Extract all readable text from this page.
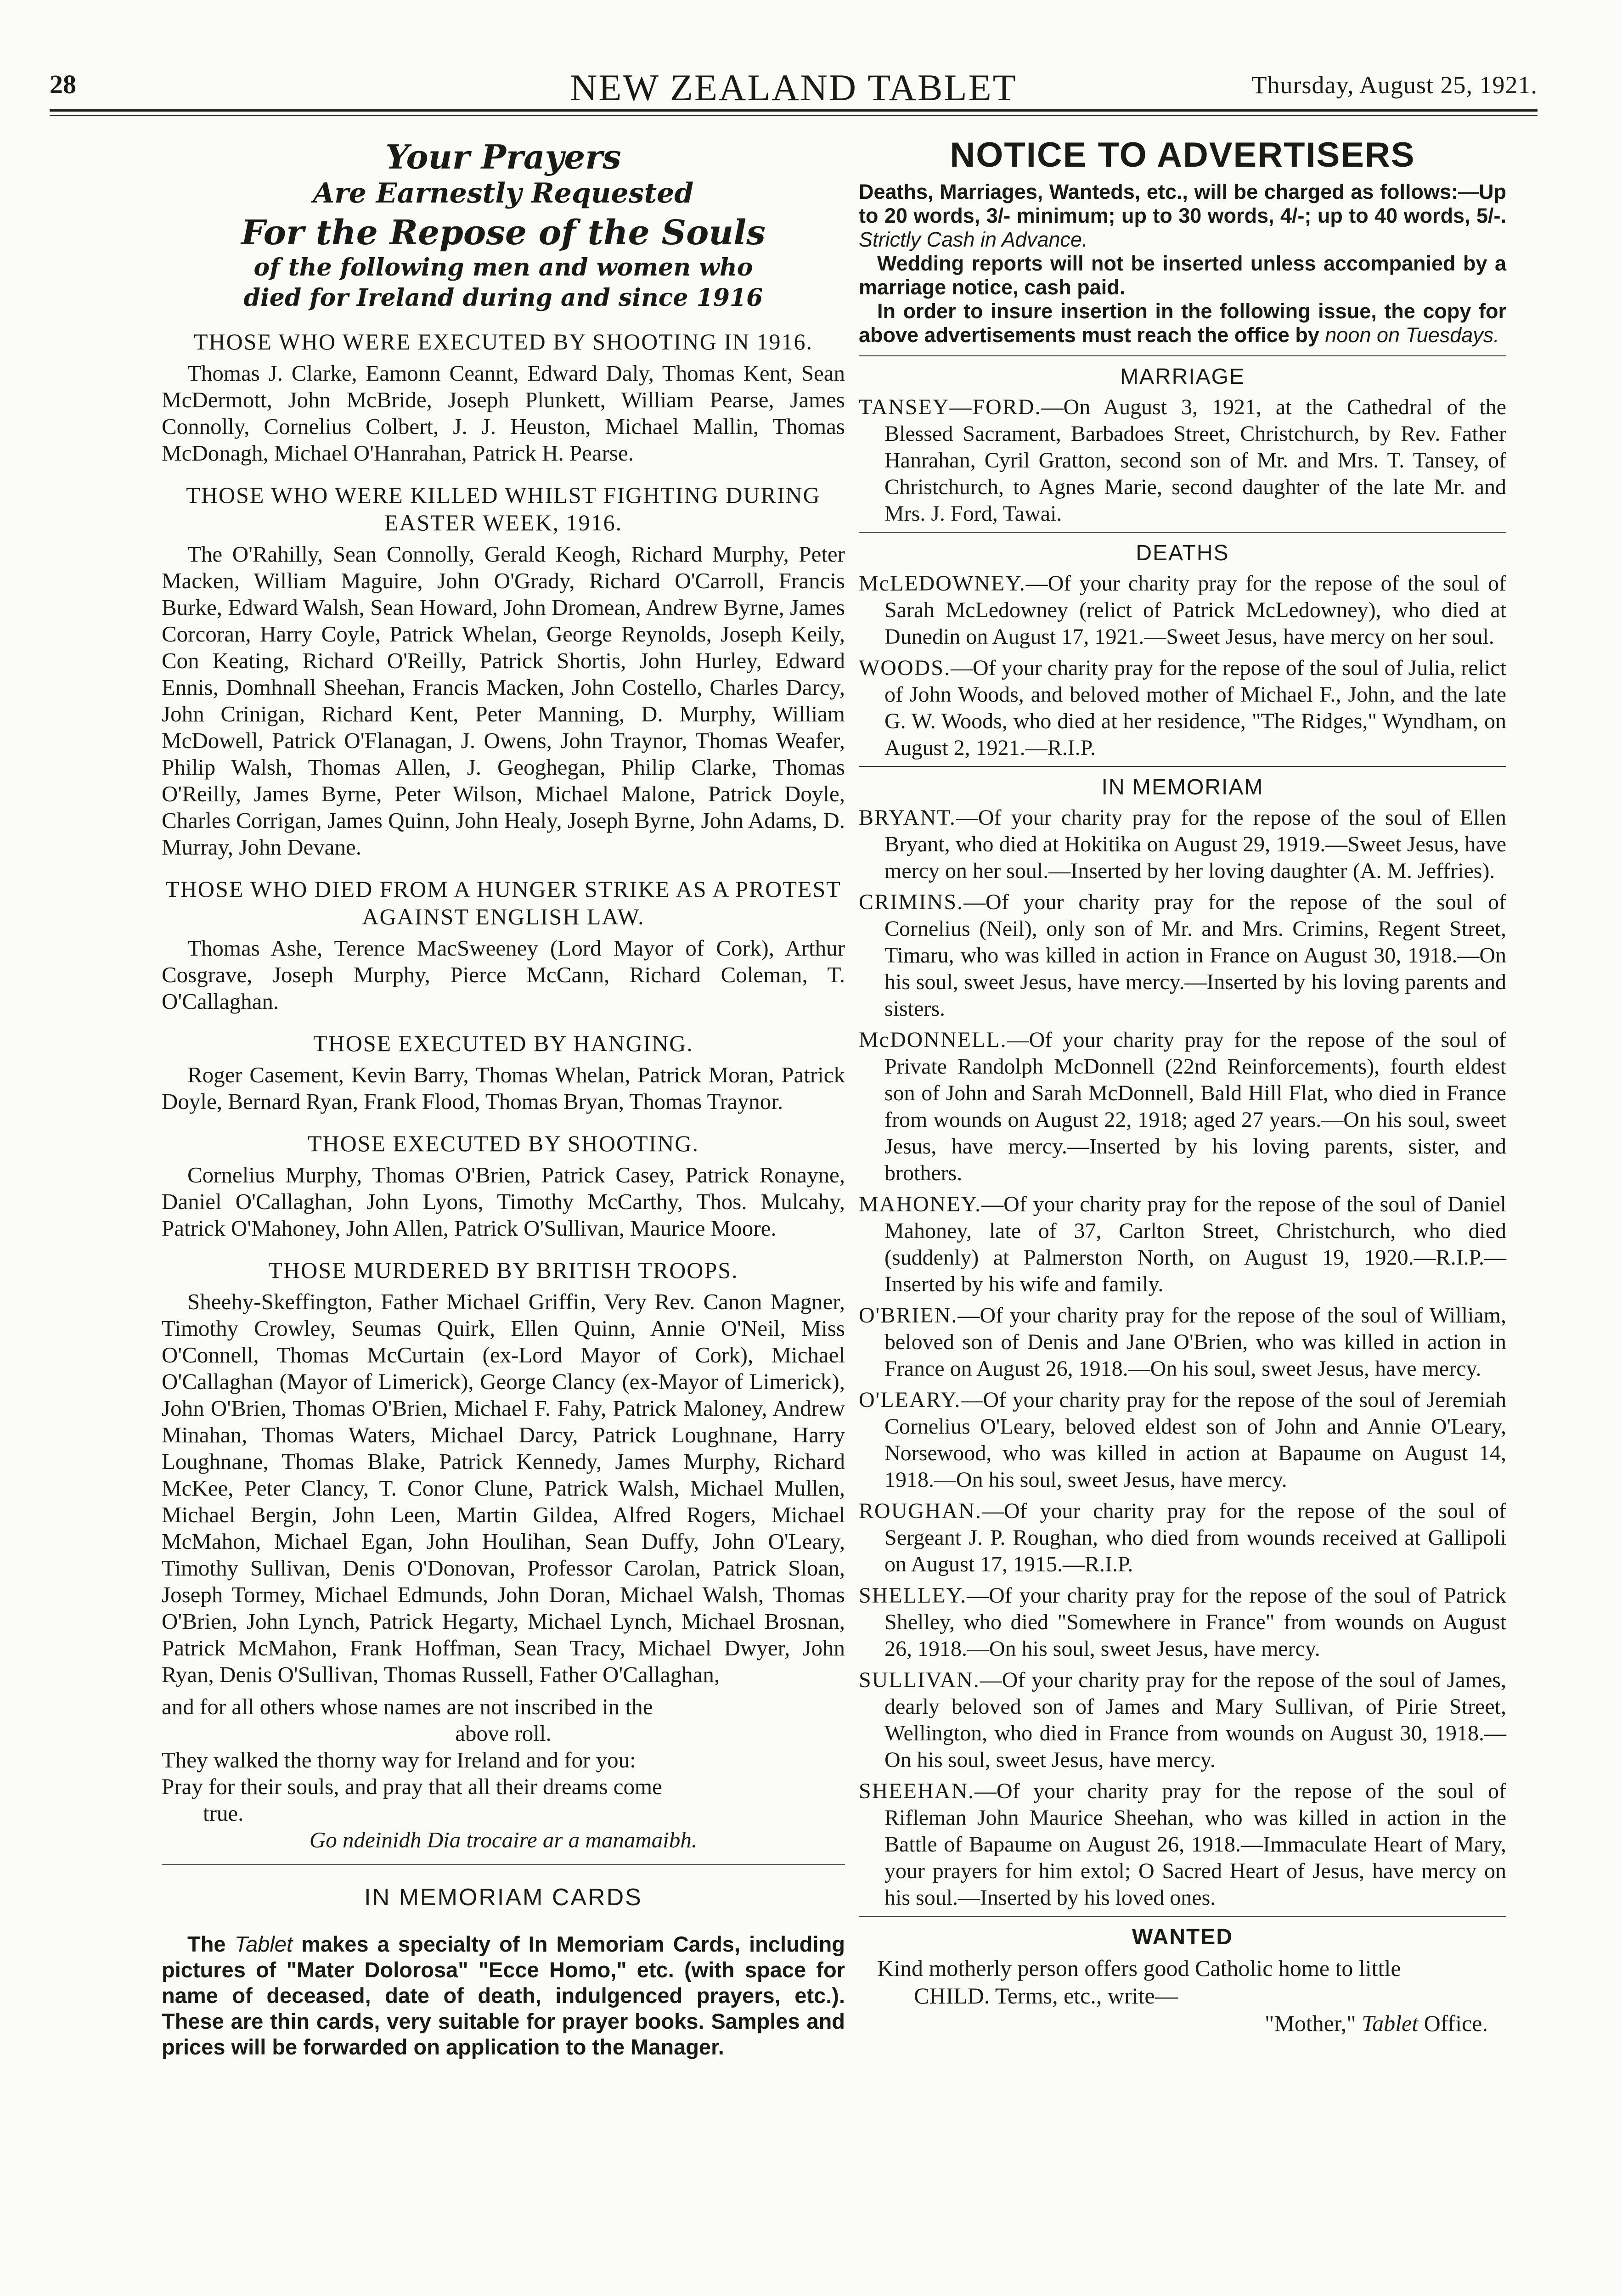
28	NEW ZEALAND TABLET	Thursday, August 25, 1921.

Your Prayers

Are Earnestly Requested

For the Repose of the Souls

of the following men and women who

died for Ireland during and since 1916

THOSE WHO WERE EXECUTED BY SHOOTING IN 1916.

Thomas J. Clarke, Eamonn Ceannt, Edward Daly, Thomas Kent, Sean McDermott, John McBride, Joseph Plunkett, William Pearse, James Connolly, Cornelius Colbert, J. J. Heuston, Michael Mallin, Thomas McDonagh, Michael O'Hanrahan, Patrick H. Pearse.

THOSE WHO WERE KILLED WHILST FIGHTING DURING EASTER WEEK, 1916.

The O'Rahilly, Sean Connolly, Gerald Keogh, Richard Murphy, Peter Macken, William Maguire, John O'Grady, Richard O'Carroll, Francis Burke, Edward Walsh, Sean Howard, John Dromean, Andrew Byrne, James Corcoran, Harry Coyle, Patrick Whelan, George Reynolds, Joseph Keily, Con Keating, Richard O'Reilly, Patrick Shortis, John Hurley, Edward Ennis, Domhnall Sheehan, Francis Macken, John Costello, Charles Darcy, John Crinigan, Richard Kent, Peter Manning, D. Murphy, William McDowell, Patrick O'Flanagan, J. Owens, John Traynor, Thomas Weafer, Philip Walsh, Thomas Allen, J. Geoghegan, Philip Clarke, Thomas O'Reilly, James Byrne, Peter Wilson, Michael Malone, Patrick Doyle, Charles Corrigan, James Quinn, John Healy, Joseph Byrne, John Adams, D. Murray, John Devane.

THOSE WHO DIED FROM A HUNGER STRIKE AS A PROTEST AGAINST ENGLISH LAW.

Thomas Ashe, Terence MacSweeney (Lord Mayor of Cork), Arthur Cosgrave, Joseph Murphy, Pierce McCann, Richard Coleman, T. O'Callaghan.

THOSE EXECUTED BY HANGING.

Roger Casement, Kevin Barry, Thomas Whelan, Patrick Moran, Patrick Doyle, Bernard Ryan, Frank Flood, Thomas Bryan, Thomas Traynor.

THOSE EXECUTED BY SHOOTING.

Cornelius Murphy, Thomas O'Brien, Patrick Casey, Patrick Ronayne, Daniel O'Callaghan, John Lyons, Timothy McCarthy, Thos. Mulcahy, Patrick O'Mahoney, John Allen, Patrick O'Sullivan, Maurice Moore.

THOSE MURDERED BY BRITISH TROOPS.

Sheehy-Skeffington, Father Michael Griffin, Very Rev. Canon Magner, Timothy Crowley, Seumas Quirk, Ellen Quinn, Annie O'Neil, Miss O'Connell, Thomas McCurtain (ex-Lord Mayor of Cork), Michael O'Callaghan (Mayor of Limerick), George Clancy (ex-Mayor of Limerick), John O'Brien, Thomas O'Brien, Michael F. Fahy, Patrick Maloney, Andrew Minahan, Thomas Waters, Michael Darcy, Patrick Loughnane, Harry Loughnane, Thomas Blake, Patrick Kennedy, James Murphy, Richard McKee, Peter Clancy, T. Conor Clune, Patrick Walsh, Michael Mullen, Michael Bergin, John Leen, Martin Gildea, Alfred Rogers, Michael McMahon, Michael Egan, John Houlihan, Sean Duffy, John O'Leary, Timothy Sullivan, Denis O'Donovan, Professor Carolan, Patrick Sloan, Joseph Tormey, Michael Edmunds, John Doran, Michael Walsh, Thomas O'Brien, John Lynch, Patrick Hegarty, Michael Lynch, Michael Brosnan, Patrick McMahon, Frank Hoffman, Sean Tracy, Michael Dwyer, John Ryan, Denis O'Sullivan, Thomas Russell, Father O'Callaghan,

and for all others whose names are not inscribed in the
above roll.
They walked the thorny way for Ireland and for you:
Pray for their souls, and pray that all their dreams come
true.
Go ndeinidh Dia trocaire ar a manamaibh.
IN MEMORIAM CARDS

The Tablet makes a specialty of In Memoriam Cards, including pictures of "Mater Dolorosa" "Ecce Homo," etc. (with space for name of deceased, date of death, indulgenced prayers, etc.). These are thin cards, very suitable for prayer books. Samples and prices will be forwarded on application to the Manager.

NOTICE TO ADVERTISERS

Deaths, Marriages, Wanteds, etc., will be charged as follows:—Up to 20 words, 3/- minimum; up to 30 words, 4/-; up to 40 words, 5/-. Strictly Cash in Advance.

Wedding reports will not be inserted unless accompanied by a marriage notice, cash paid.

In order to insure insertion in the following issue, the copy for above advertisements must reach the office by noon on Tuesdays.

MARRIAGE

TANSEY—FORD.—On August 3, 1921, at the Cathedral of the Blessed Sacrament, Barbadoes Street, Christchurch, by Rev. Father Hanrahan, Cyril Gratton, second son of Mr. and Mrs. T. Tansey, of Christchurch, to Agnes Marie, second daughter of the late Mr. and Mrs. J. Ford, Tawai.

DEATHS

McLEDOWNEY.—Of your charity pray for the repose of the soul of Sarah McLedowney (relict of Patrick McLedowney), who died at Dunedin on August 17, 1921.—Sweet Jesus, have mercy on her soul.

WOODS.—Of your charity pray for the repose of the soul of Julia, relict of John Woods, and beloved mother of Michael F., John, and the late G. W. Woods, who died at her residence, "The Ridges," Wyndham, on August 2, 1921.—R.I.P.

IN MEMORIAM

BRYANT.—Of your charity pray for the repose of the soul of Ellen Bryant, who died at Hokitika on August 29, 1919.—Sweet Jesus, have mercy on her soul.—Inserted by her loving daughter (A. M. Jeffries).

CRIMINS.—Of your charity pray for the repose of the soul of Cornelius (Neil), only son of Mr. and Mrs. Crimins, Regent Street, Timaru, who was killed in action in France on August 30, 1918.—On his soul, sweet Jesus, have mercy.—Inserted by his loving parents and sisters.

McDONNELL.—Of your charity pray for the repose of the soul of Private Randolph McDonnell (22nd Reinforcements), fourth eldest son of John and Sarah McDonnell, Bald Hill Flat, who died in France from wounds on August 22, 1918; aged 27 years.—On his soul, sweet Jesus, have mercy.—Inserted by his loving parents, sister, and brothers.

MAHONEY.—Of your charity pray for the repose of the soul of Daniel Mahoney, late of 37, Carlton Street, Christchurch, who died (suddenly) at Palmerston North, on August 19, 1920.—R.I.P.—Inserted by his wife and family.

O'BRIEN.—Of your charity pray for the repose of the soul of William, beloved son of Denis and Jane O'Brien, who was killed in action in France on August 26, 1918.—On his soul, sweet Jesus, have mercy.

O'LEARY.—Of your charity pray for the repose of the soul of Jeremiah Cornelius O'Leary, beloved eldest son of John and Annie O'Leary, Norsewood, who was killed in action at Bapaume on August 14, 1918.—On his soul, sweet Jesus, have mercy.

ROUGHAN.—Of your charity pray for the repose of the soul of Sergeant J. P. Roughan, who died from wounds received at Gallipoli on August 17, 1915.—R.I.P.

SHELLEY.—Of your charity pray for the repose of the soul of Patrick Shelley, who died "Somewhere in France" from wounds on August 26, 1918.—On his soul, sweet Jesus, have mercy.

SULLIVAN.—Of your charity pray for the repose of the soul of James, dearly beloved son of James and Mary Sullivan, of Pirie Street, Wellington, who died in France from wounds on August 30, 1918.—On his soul, sweet Jesus, have mercy.

SHEEHAN.—Of your charity pray for the repose of the soul of Rifleman John Maurice Sheehan, who was killed in action in the Battle of Bapaume on August 26, 1918.—Immaculate Heart of Mary, your prayers for him extol; O Sacred Heart of Jesus, have mercy on his soul.—Inserted by his loved ones.

WANTED

Kind motherly person offers good Catholic home to little

CHILD. Terms, etc., write—

"Mother," Tablet Office.
